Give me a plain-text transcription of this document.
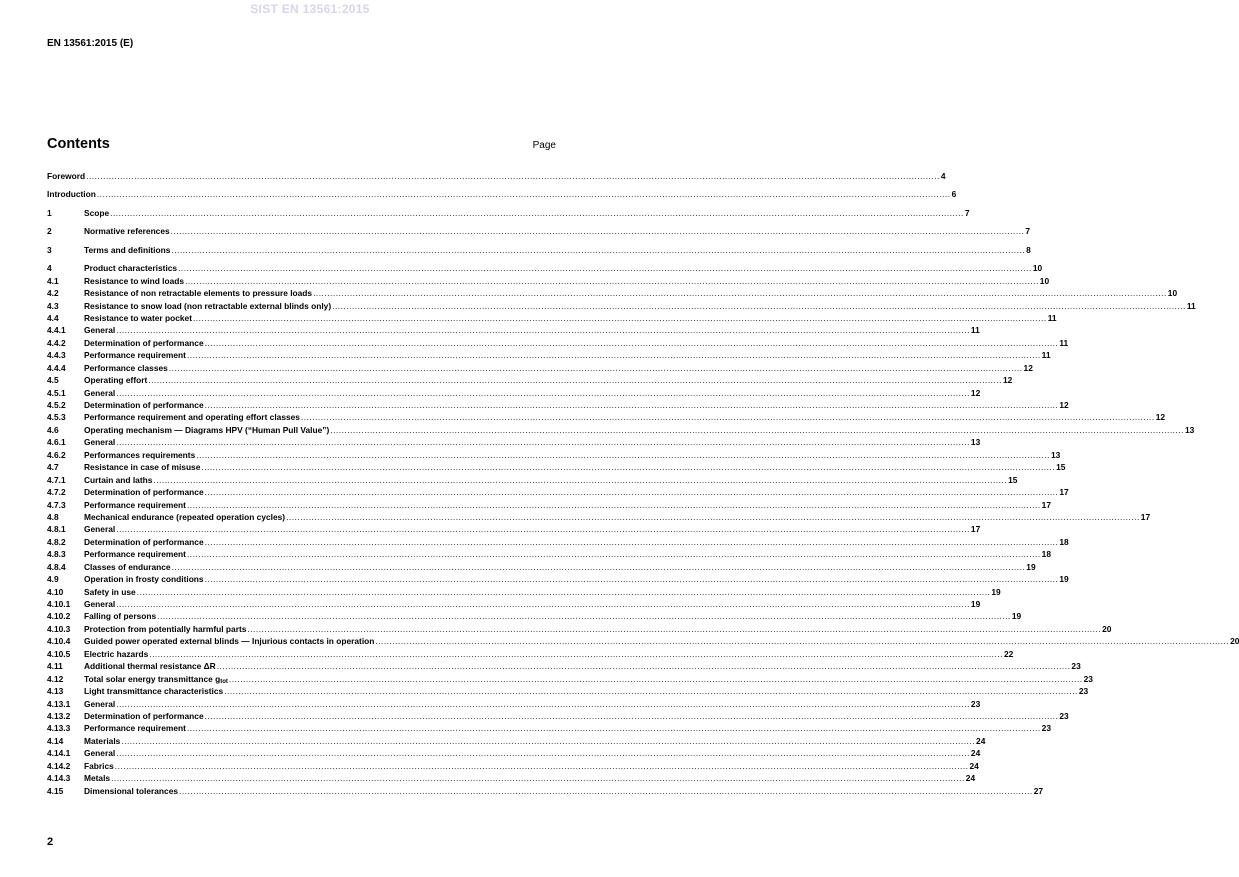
SIST EN 13561:2015
EN 13561:2015 (E)
Contents	Page
Foreword .............................................................................................................................................................................................................................................................................................................. 4
Introduction .............................................................................................................................................................................................................................................................................................................. 6
1	Scope .............................................................................................................................................................................................................................................................................................................. 7
2	Normative references .............................................................................................................................................................................................................................................................................................................. 7
3	Terms and definitions .............................................................................................................................................................................................................................................................................................................. 8
4	Product characteristics .............................................................................................................................................................................................................................................................................................................. 10
4.1	Resistance to wind loads .............................................................................................................................................................................................................................................................................................................. 10
4.2	Resistance of non retractable elements to pressure loads .............................................................................................................................................................................................................................................................................................................. 10
4.3	Resistance to snow load (non retractable external blinds only) .............................................................................................................................................................................................................................................................................................................. 11
4.4	Resistance to water pocket .............................................................................................................................................................................................................................................................................................................. 11
4.4.1 General .............................................................................................................................................................................................................................................................................................................. 11
4.4.2 Determination of performance .............................................................................................................................................................................................................................................................................................................. 11
4.4.3 Performance requirement .............................................................................................................................................................................................................................................................................................................. 11
4.4.4 Performance classes .............................................................................................................................................................................................................................................................................................................. 12
4.5	Operating effort .............................................................................................................................................................................................................................................................................................................. 12
4.5.1 General .............................................................................................................................................................................................................................................................................................................. 12
4.5.2 Determination of performance .............................................................................................................................................................................................................................................................................................................. 12
4.5.3 Performance requirement and operating effort classes .............................................................................................................................................................................................................................................................................................................. 12
4.6	Operating mechanism — Diagrams HPV (“Human Pull Value”) .............................................................................................................................................................................................................................................................................................................. 13
4.6.1 General .............................................................................................................................................................................................................................................................................................................. 13
4.6.2 Performances requirements .............................................................................................................................................................................................................................................................................................................. 13
4.7	Resistance in case of misuse .............................................................................................................................................................................................................................................................................................................. 15
4.7.1 Curtain and laths .............................................................................................................................................................................................................................................................................................................. 15
4.7.2 Determination of performance .............................................................................................................................................................................................................................................................................................................. 17
4.7.3 Performance requirement .............................................................................................................................................................................................................................................................................................................. 17
4.8	Mechanical endurance (repeated operation cycles) .............................................................................................................................................................................................................................................................................................................. 17
4.8.1 General .............................................................................................................................................................................................................................................................................................................. 17
4.8.2 Determination of performance .............................................................................................................................................................................................................................................................................................................. 18
4.8.3 Performance requirement .............................................................................................................................................................................................................................................................................................................. 18
4.8.4 Classes of endurance .............................................................................................................................................................................................................................................................................................................. 19
4.9	Operation in frosty conditions .............................................................................................................................................................................................................................................................................................................. 19
4.10 Safety in use .............................................................................................................................................................................................................................................................................................................. 19
4.10.1 General .............................................................................................................................................................................................................................................................................................................. 19
4.10.2 Falling of persons .............................................................................................................................................................................................................................................................................................................. 19
4.10.3 Protection from potentially harmful parts .............................................................................................................................................................................................................................................................................................................. 20
4.10.4 Guided power operated external blinds — Injurious contacts in operation .............................................................................................................................................................................................................................................................................................................. 20
4.10.5 Electric hazards .............................................................................................................................................................................................................................................................................................................. 22
4.11	Additional thermal resistance ΔR .............................................................................................................................................................................................................................................................................................................. 23
4.12 Total solar energy transmittance $g_{tot}$ .............................................................................................................................................................................................................................................................................................................. 23
4.13 Light transmittance characteristics .............................................................................................................................................................................................................................................................................................................. 23
4.13.1 General .............................................................................................................................................................................................................................................................................................................. 23
4.13.2 Determination of performance .............................................................................................................................................................................................................................................................................................................. 23
4.13.3 Performance requirement .............................................................................................................................................................................................................................................................................................................. 23
4.14 Materials .............................................................................................................................................................................................................................................................................................................. 24
4.14.1 General .............................................................................................................................................................................................................................................................................................................. 24
4.14.2 Fabrics .............................................................................................................................................................................................................................................................................................................. 24
4.14.3 Metals .............................................................................................................................................................................................................................................................................................................. 24
4.15 Dimensional tolerances .............................................................................................................................................................................................................................................................................................................. 27
2
